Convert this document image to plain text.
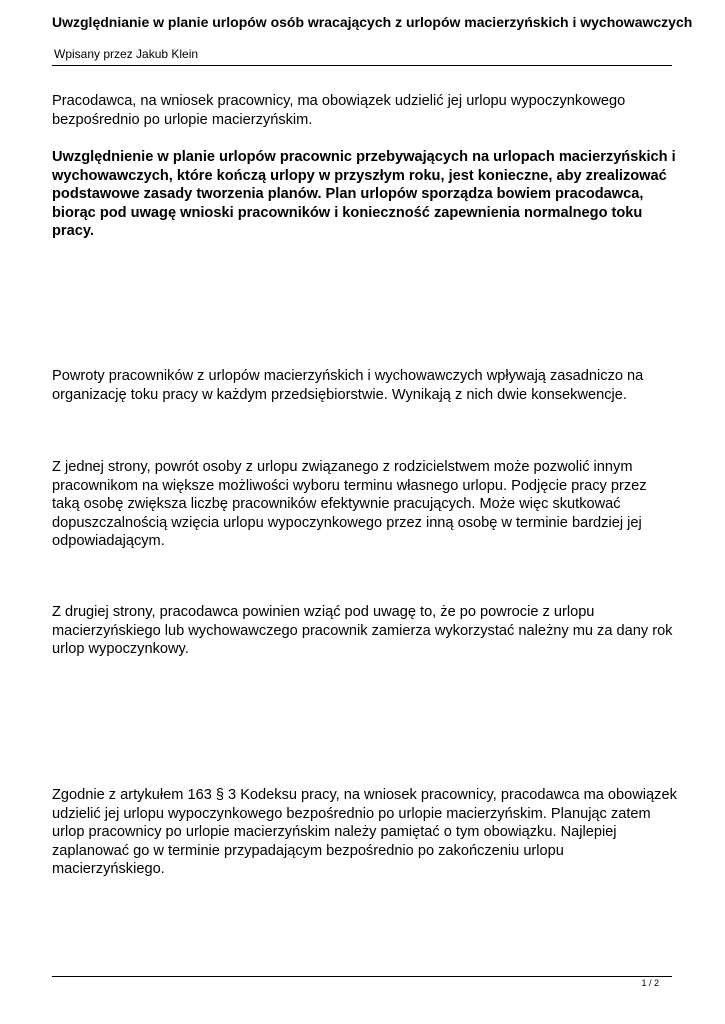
Uwzględnianie w planie urlopów osób wracających z urlopów macierzyńskich i wychowawczych
Wpisany przez Jakub Klein

Pracodawca, na wniosek pracownicy, ma obowiązek udzielić jej urlopu wypoczynkowego bezpośrednio po urlopie macierzyńskim.

Uwzględnienie w planie urlopów pracownic przebywających na urlopach macierzyńskich i wychowawczych, które kończą urlopy w przyszłym roku, jest konieczne, aby zrealizować podstawowe zasady tworzenia planów. Plan urlopów sporządza bowiem pracodawca, biorąc pod uwagę wnioski pracowników i konieczność zapewnienia normalnego toku pracy.

Powroty pracowników z urlopów macierzyńskich i wychowawczych wpływają zasadniczo na organizację toku pracy w każdym przedsiębiorstwie. Wynikają z nich dwie konsekwencje.

Z jednej strony, powrót osoby z urlopu związanego z rodzicielstwem może pozwolić innym pracownikom na większe możliwości wyboru terminu własnego urlopu. Podjęcie pracy przez taką osobę zwiększa liczbę pracowników efektywnie pracujących. Może więc skutkować dopuszczalnością wzięcia urlopu wypoczynkowego przez inną osobę w terminie bardziej jej odpowiadającym.

Z drugiej strony, pracodawca powinien wziąć pod uwagę to, że po powrocie z urlopu macierzyńskiego lub wychowawczego pracownik zamierza wykorzystać należny mu za dany rok urlop wypoczynkowy.

Zgodnie z artykułem 163 § 3 Kodeksu pracy, na wniosek pracownicy, pracodawca ma obowiązek udzielić jej urlopu wypoczynkowego bezpośrednio po urlopie macierzyńskim. Planując zatem urlop pracownicy po urlopie macierzyńskim należy pamiętać o tym obowiązku. Najlepiej zaplanować go w terminie przypadającym bezpośrednio po zakończeniu urlopu macierzyńskiego.

1 / 2
